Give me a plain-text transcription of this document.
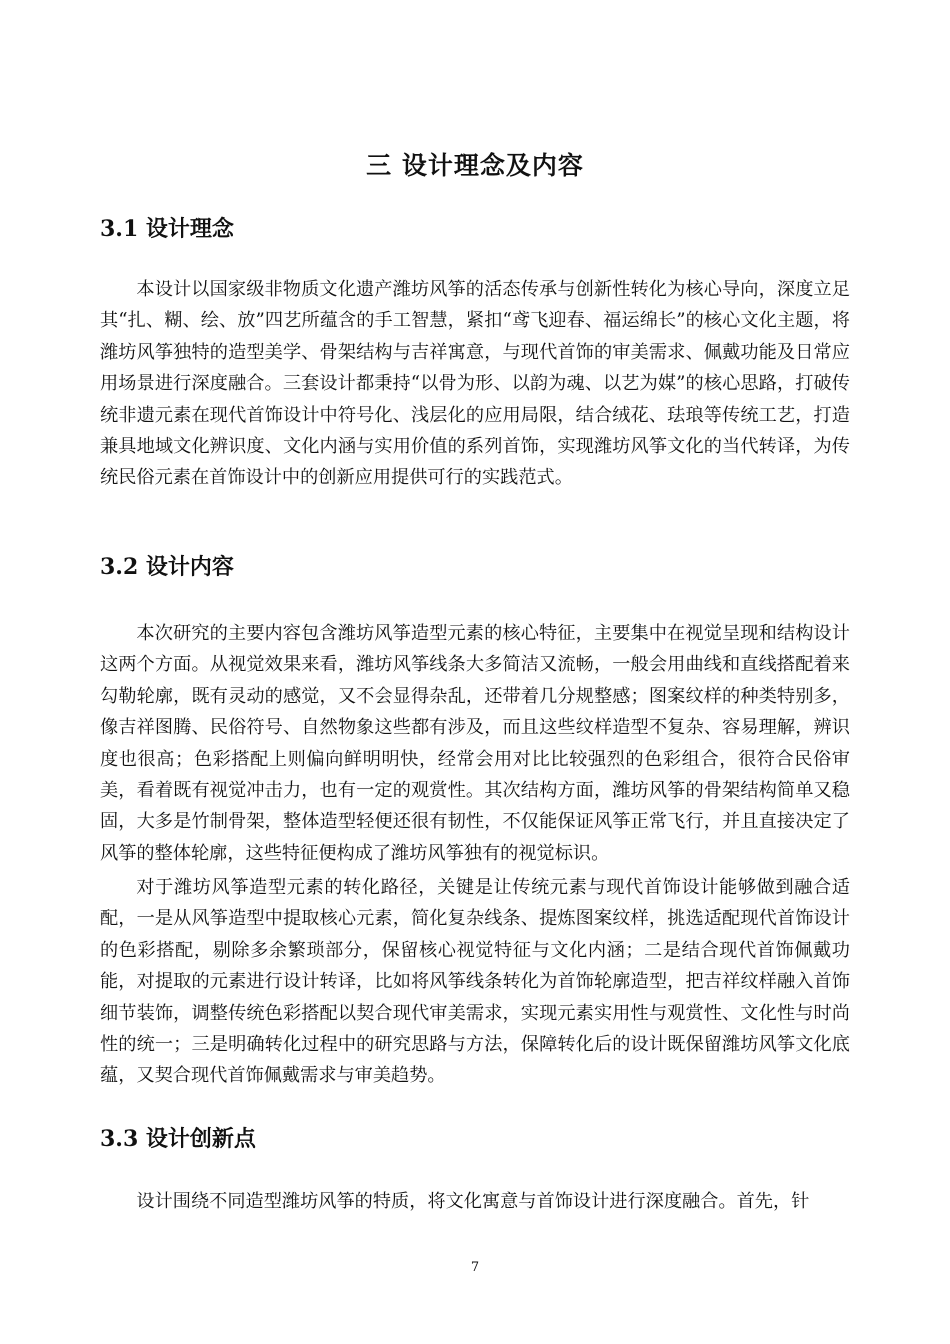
三 设计理念及内容
3.1 设计理念

本设计以国家级非物质文化遗产潍坊风筝的活态传承与创新性转化为核心导向，深度立足其“扎、糊、绘、放”四艺所蕴含的手工智慧，紧扣“鸢飞迎春、福运绵长”的核心文化主题，将潍坊风筝独特的造型美学、骨架结构与吉祥寓意，与现代首饰的审美需求、佩戴功能及日常应用场景进行深度融合。三套设计都秉持“以骨为形、以韵为魂、以艺为媒”的核心思路，打破传统非遗元素在现代首饰设计中符号化、浅层化的应用局限，结合绒花、珐琅等传统工艺，打造兼具地域文化辨识度、文化内涵与实用价值的系列首饰，实现潍坊风筝文化的当代转译，为传统民俗元素在首饰设计中的创新应用提供可行的实践范式。

3.2 设计内容

本次研究的主要内容包含潍坊风筝造型元素的核心特征，主要集中在视觉呈现和结构设计这两个方面。从视觉效果来看，潍坊风筝线条大多简洁又流畅，一般会用曲线和直线搭配着来勾勒轮廓，既有灵动的感觉，又不会显得杂乱，还带着几分规整感；图案纹样的种类特别多，像吉祥图腾、民俗符号、自然物象这些都有涉及，而且这些纹样造型不复杂、容易理解，辨识度也很高；色彩搭配上则偏向鲜明明快，经常会用对比比较强烈的色彩组合，很符合民俗审美，看着既有视觉冲击力，也有一定的观赏性。其次结构方面，潍坊风筝的骨架结构简单又稳固，大多是竹制骨架，整体造型轻便还很有韧性，不仅能保证风筝正常飞行，并且直接决定了风筝的整体轮廓，这些特征便构成了潍坊风筝独有的视觉标识。

对于潍坊风筝造型元素的转化路径，关键是让传统元素与现代首饰设计能够做到融合适配，一是从风筝造型中提取核心元素，简化复杂线条、提炼图案纹样，挑选适配现代首饰设计的色彩搭配，剔除多余繁琐部分，保留核心视觉特征与文化内涵；二是结合现代首饰佩戴功能，对提取的元素进行设计转译，比如将风筝线条转化为首饰轮廓造型，把吉祥纹样融入首饰细节装饰，调整传统色彩搭配以契合现代审美需求，实现元素实用性与观赏性、文化性与时尚性的统一；三是明确转化过程中的研究思路与方法，保障转化后的设计既保留潍坊风筝文化底蕴，又契合现代首饰佩戴需求与审美趋势。

3.3 设计创新点

设计围绕不同造型潍坊风筝的特质，将文化寓意与首饰设计进行深度融合。首先，针

7
